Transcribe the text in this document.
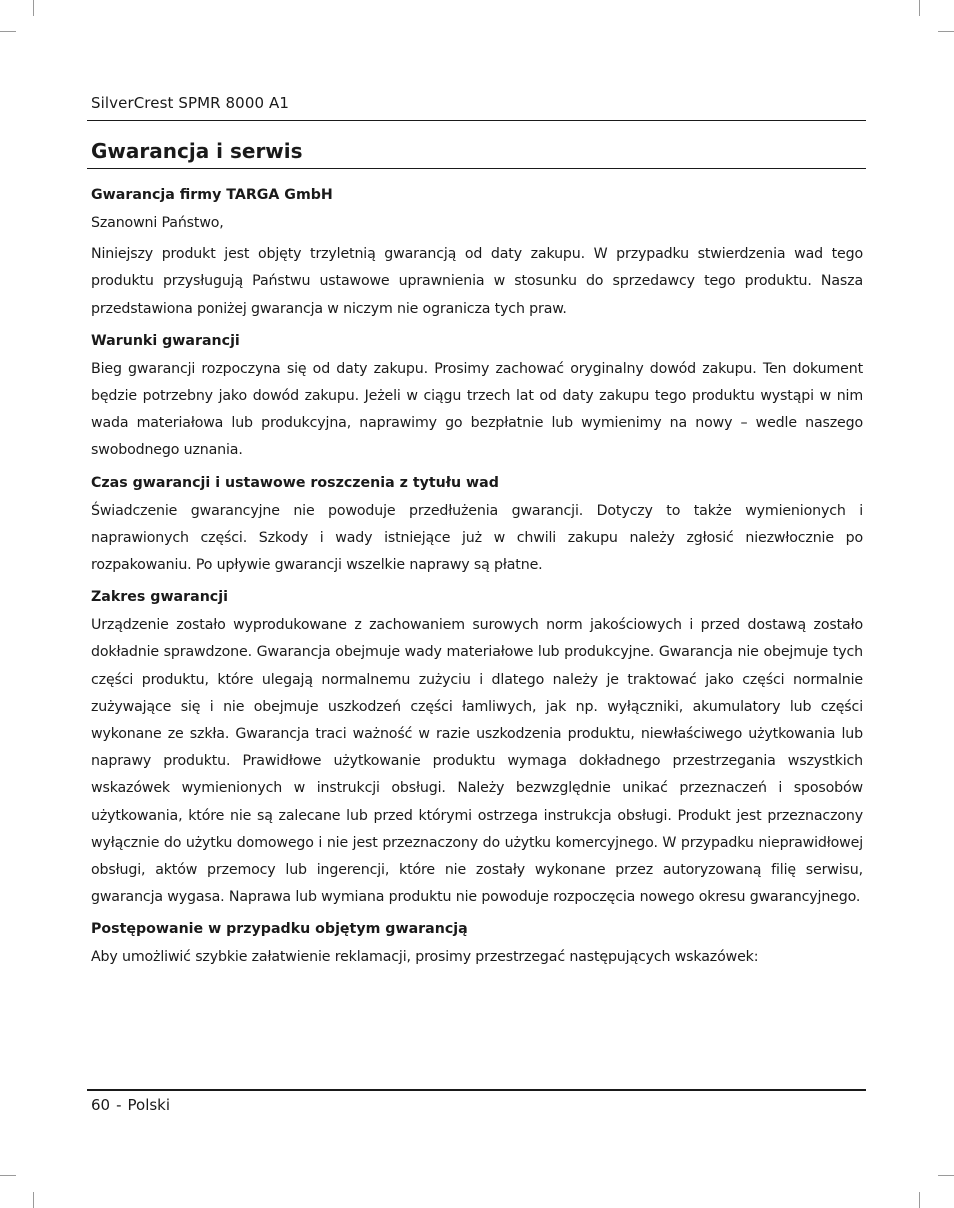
SilverCrest SPMR 8000 A1
Gwarancja i serwis
Gwarancja firmy TARGA GmbH

Szanowni Państwo,

Niniejszy produkt jest objęty trzyletnią gwarancją od daty zakupu. W przypadku stwierdzenia wad tego produktu przysługują Państwu ustawowe uprawnienia w stosunku do sprzedawcy tego produktu. Nasza przedstawiona poniżej gwarancja w niczym nie ogranicza tych praw.

Warunki gwarancji

Bieg gwarancji rozpoczyna się od daty zakupu. Prosimy zachować oryginalny dowód zakupu. Ten dokument będzie potrzebny jako dowód zakupu. Jeżeli w ciągu trzech lat od daty zakupu tego produktu wystąpi w nim wada materiałowa lub produkcyjna, naprawimy go bezpłatnie lub wymienimy na nowy – wedle naszego swobodnego uznania.

Czas gwarancji i ustawowe roszczenia z tytułu wad

Świadczenie gwarancyjne nie powoduje przedłużenia gwarancji. Dotyczy to także wymienionych i naprawionych części. Szkody i wady istniejące już w chwili zakupu należy zgłosić niezwłocznie po rozpakowaniu. Po upływie gwarancji wszelkie naprawy są płatne.

Zakres gwarancji

Urządzenie zostało wyprodukowane z zachowaniem surowych norm jakościowych i przed dostawą zostało dokładnie sprawdzone. Gwarancja obejmuje wady materiałowe lub produkcyjne. Gwarancja nie obejmuje tych części produktu, które ulegają normalnemu zużyciu i dlatego należy je traktować jako części normalnie zużywające się i nie obejmuje uszkodzeń części łamliwych, jak np. wyłączniki, akumulatory lub części wykonane ze szkła. Gwarancja traci ważność w razie uszkodzenia produktu, niewłaściwego użytkowania lub naprawy produktu. Prawidłowe użytkowanie produktu wymaga dokładnego przestrzegania wszystkich wskazówek wymienionych w instrukcji obsługi. Należy bezwzględnie unikać przeznaczeń i sposobów użytkowania, które nie są zalecane lub przed którymi ostrzega instrukcja obsługi. Produkt jest przeznaczony wyłącznie do użytku domowego i nie jest przeznaczony do użytku komercyjnego. W przypadku nieprawidłowej obsługi, aktów przemocy lub ingerencji, które nie zostały wykonane przez autoryzowaną filię serwisu, gwarancja wygasa. Naprawa lub wymiana produktu nie powoduje rozpoczęcia nowego okresu gwarancyjnego.

Postępowanie w przypadku objętym gwarancją

Aby umożliwić szybkie załatwienie reklamacji, prosimy przestrzegać następujących wskazówek:

60 - Polski
